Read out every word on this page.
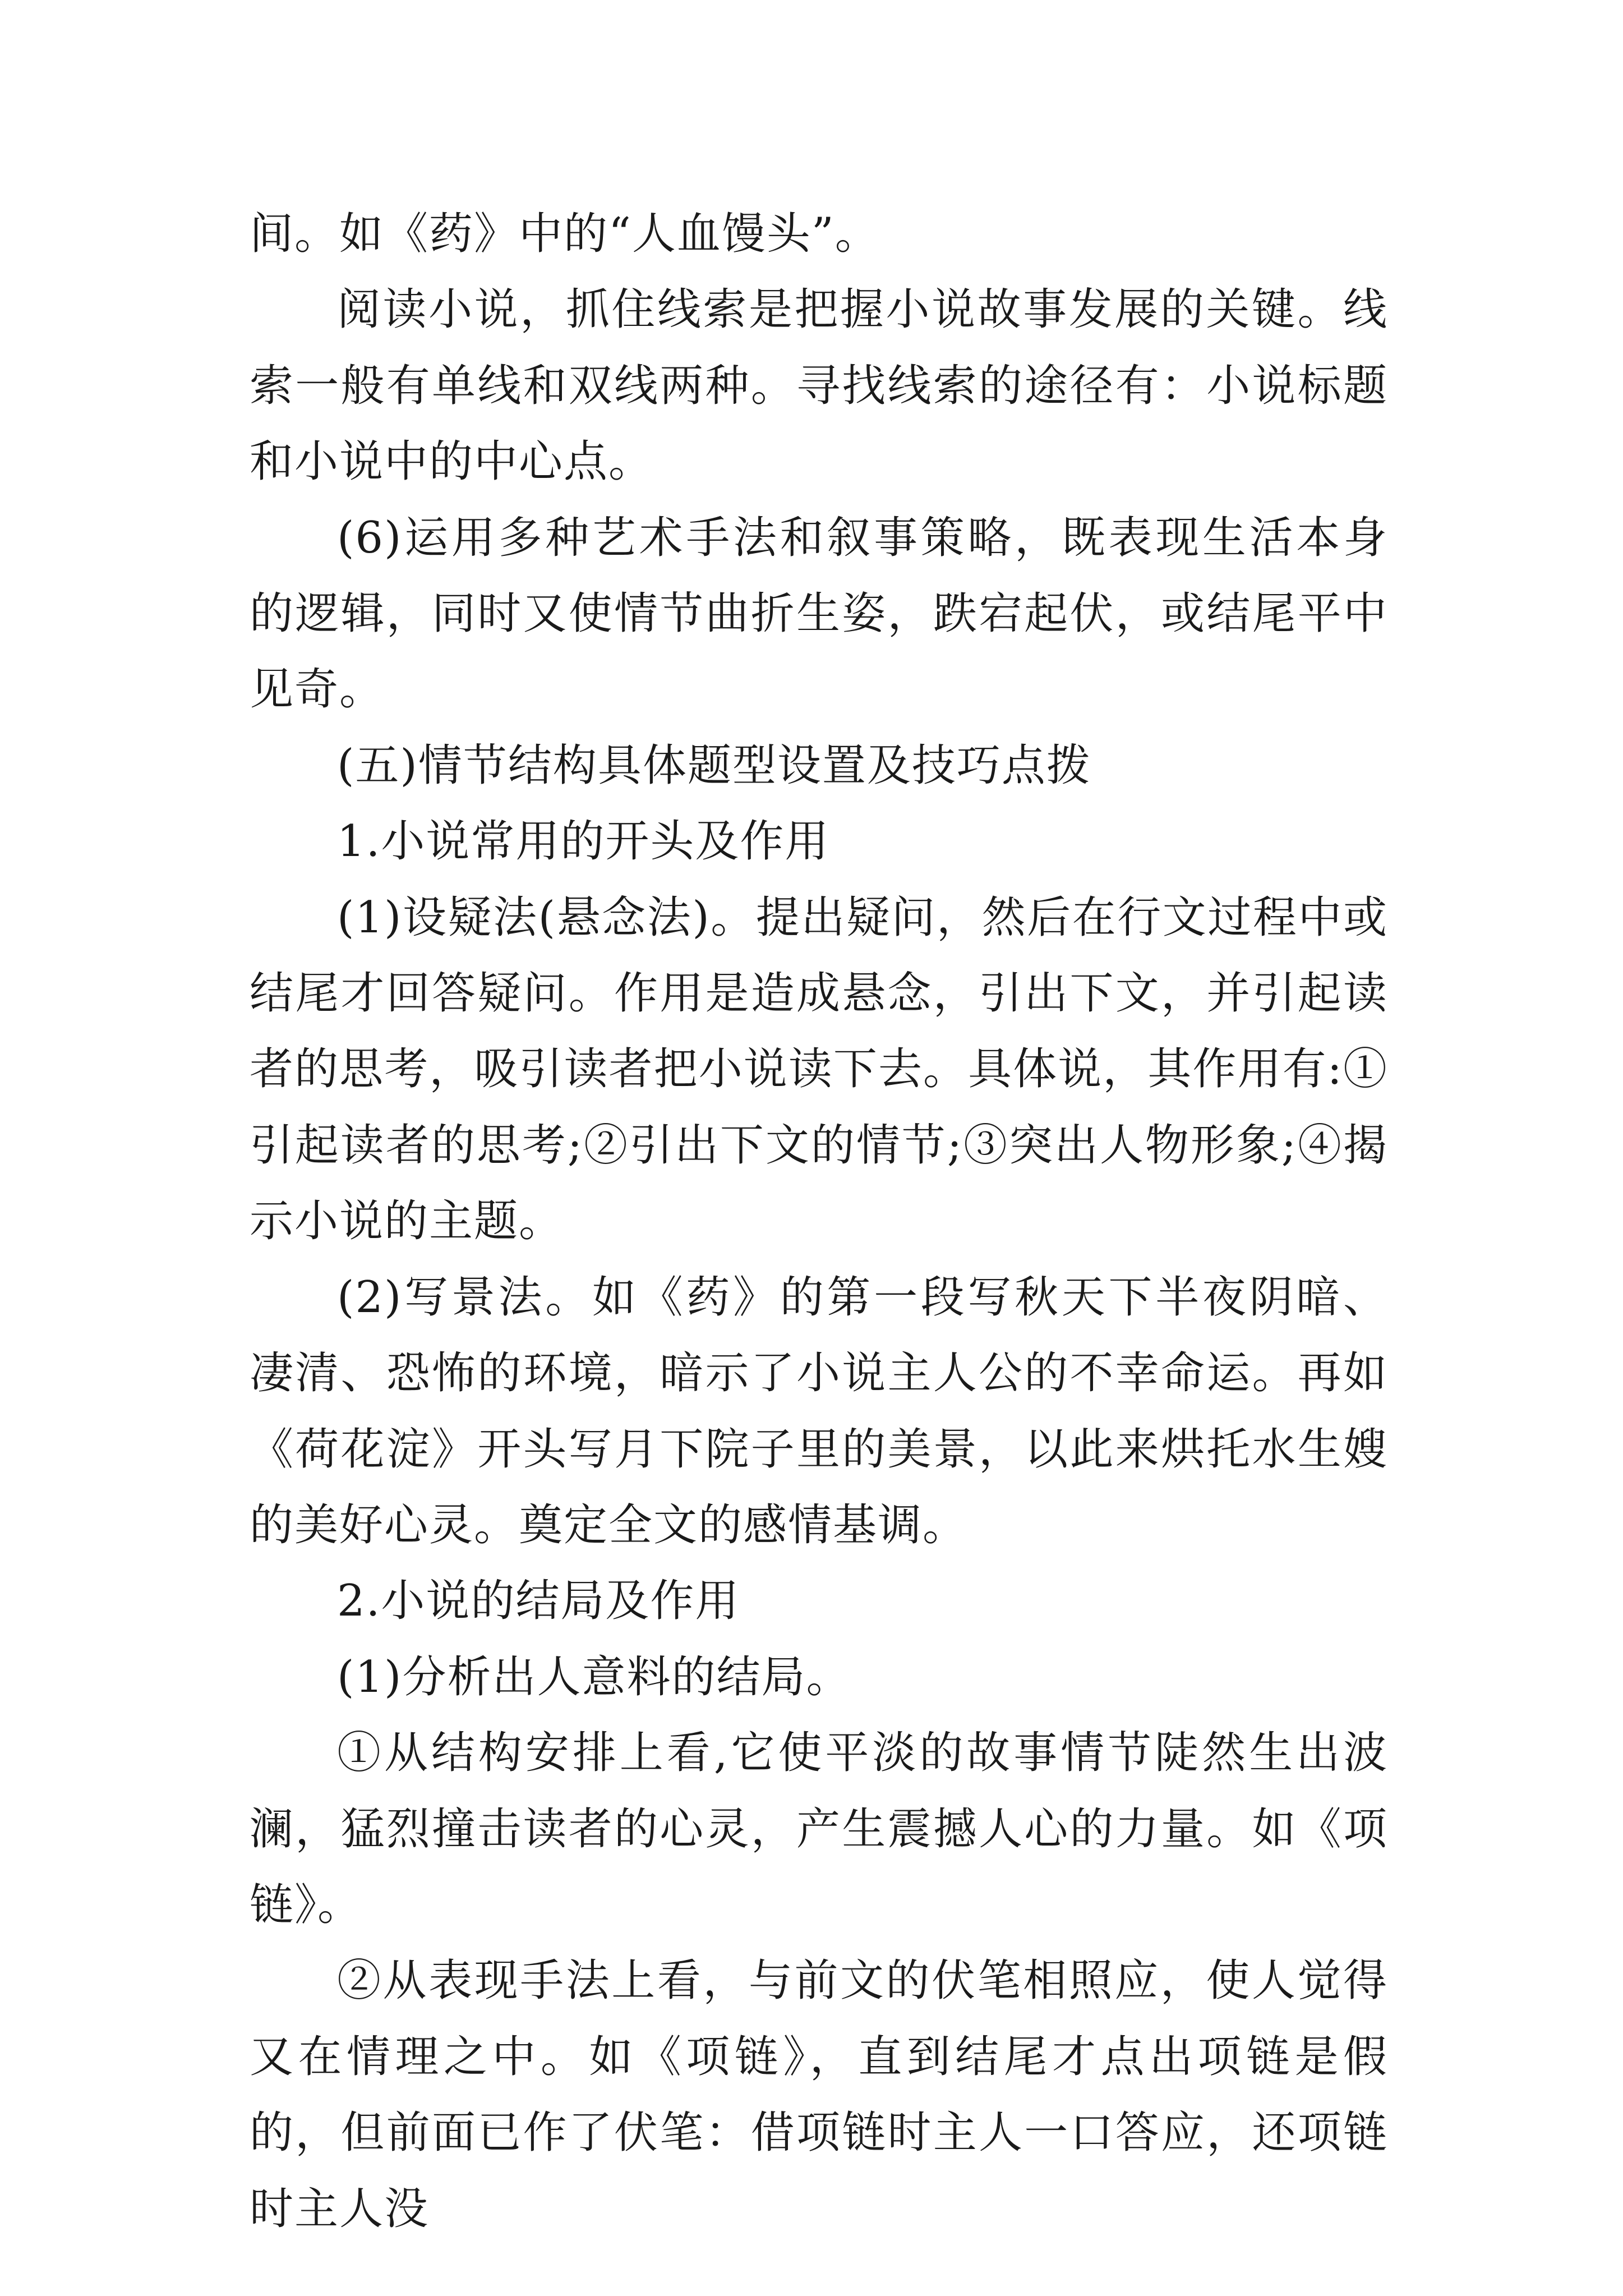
间。如《药》中的“人血馒头”。

阅读小说，抓住线索是把握小说故事发展的关键。线索一般有单线和双线两种。寻找线索的途径有：小说标题和小说中的中心点。

(6)运用多种艺术手法和叙事策略，既表现生活本身的逻辑，同时又使情节曲折生姿，跌宕起伏，或结尾平中见奇。

(五)情节结构具体题型设置及技巧点拨

1.小说常用的开头及作用

(1)设疑法(悬念法)。提出疑问，然后在行文过程中或结尾才回答疑问。作用是造成悬念，引出下文，并引起读者的思考，吸引读者把小说读下去。具体说，其作用有:①引起读者的思考;②引出下文的情节;③突出人物形象;④揭示小说的主题。

(2)写景法。如《药》的第一段写秋天下半夜阴暗、凄清、恐怖的环境，暗示了小说主人公的不幸命运。再如《荷花淀》开头写月下院子里的美景，以此来烘托水生嫂的美好心灵。奠定全文的感情基调。

2.小说的结局及作用

(1)分析出人意料的结局。

①从结构安排上看,它使平淡的故事情节陡然生出波澜，猛烈撞击读者的心灵，产生震撼人心的力量。如《项链》。

②从表现手法上看，与前文的伏笔相照应，使人觉得又在情理之中。如《项链》，直到结尾才点出项链是假的，但前面已作了伏笔：借项链时主人一口答应，还项链时主人没
